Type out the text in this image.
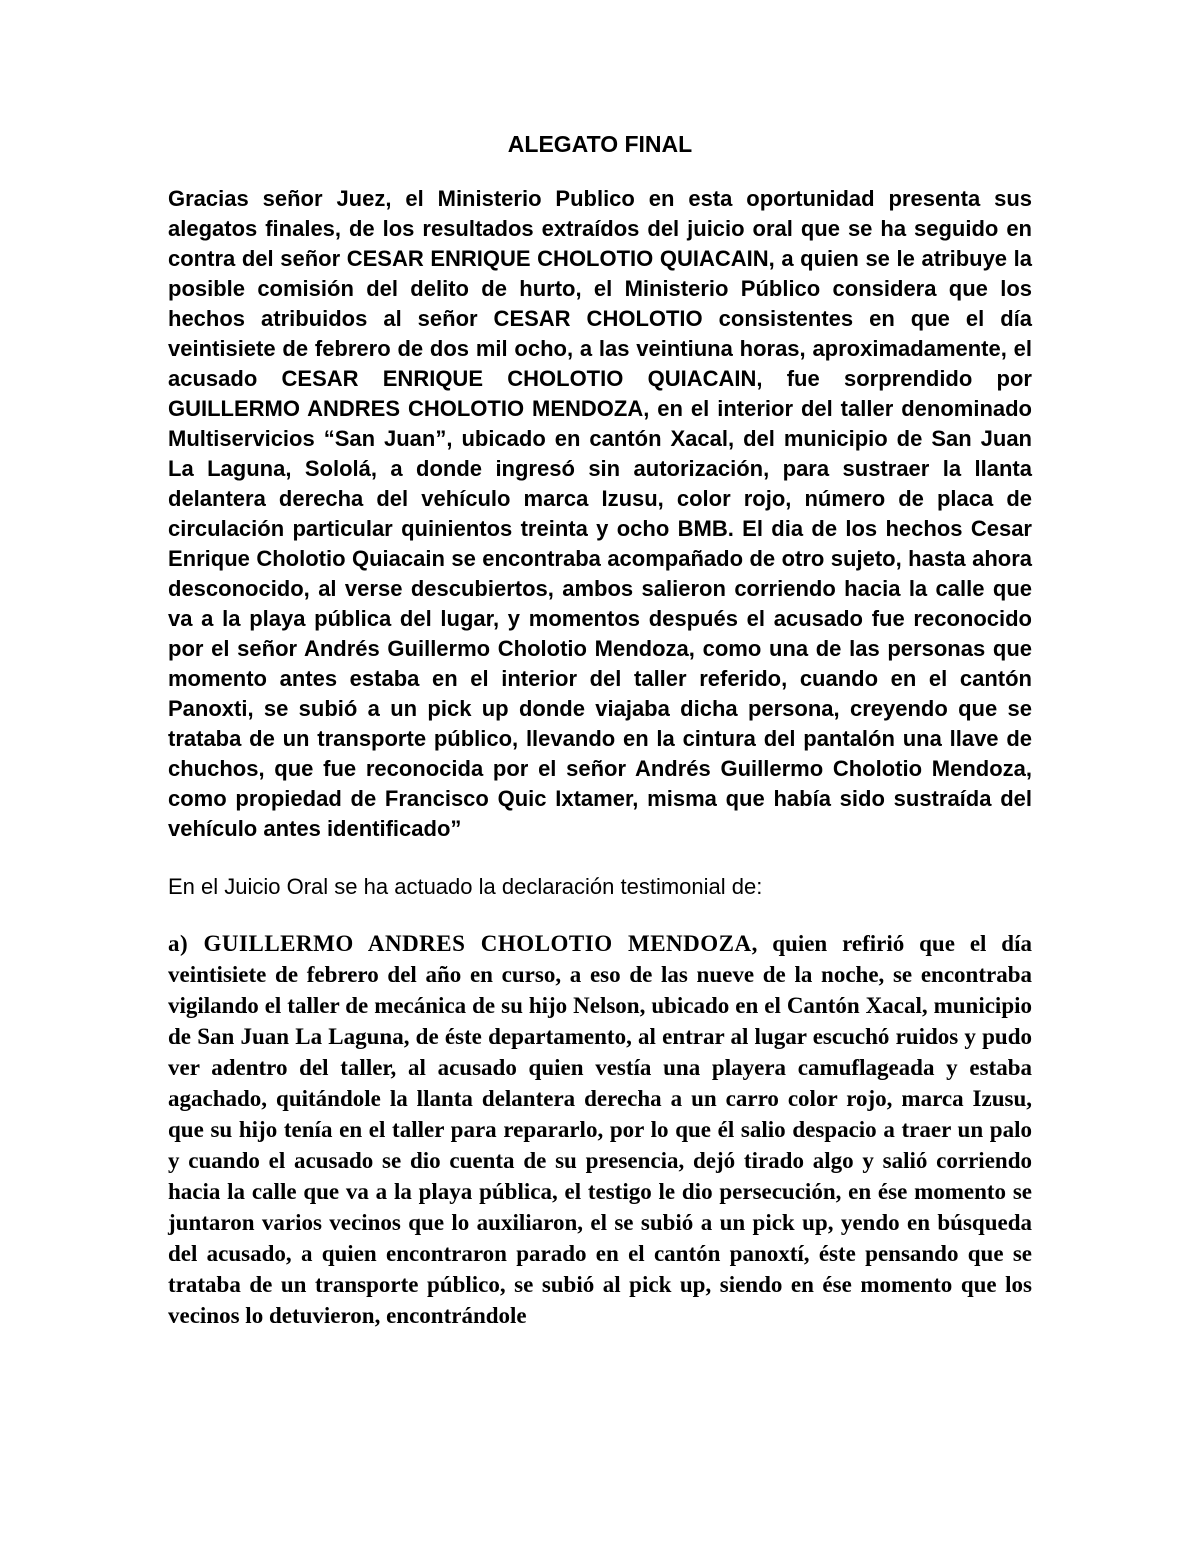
ALEGATO FINAL

Gracias señor Juez, el Ministerio Publico en esta oportunidad presenta sus alegatos finales, de los resultados extraídos del juicio oral que se ha seguido en contra del señor CESAR ENRIQUE CHOLOTIO QUIACAIN, a quien se le atribuye la posible comisión del delito de hurto, el Ministerio Público considera que los hechos atribuidos al señor CESAR CHOLOTIO consistentes en que el día veintisiete de febrero de dos mil ocho, a las veintiuna horas, aproximadamente, el acusado CESAR ENRIQUE CHOLOTIO QUIACAIN, fue sorprendido por GUILLERMO ANDRES CHOLOTIO MENDOZA, en el interior del taller denominado Multiservicios “San Juan”, ubicado en cantón Xacal, del municipio de San Juan La Laguna, Sololá, a donde ingresó sin autorización, para sustraer la llanta delantera derecha del vehículo marca Izusu, color rojo, número de placa de circulación particular quinientos treinta y ocho BMB. El dia de los hechos Cesar Enrique Cholotio Quiacain se encontraba acompañado de otro sujeto, hasta ahora desconocido, al verse descubiertos, ambos salieron corriendo hacia la calle que va a la playa pública del lugar, y momentos después el acusado fue reconocido por el señor Andrés Guillermo Cholotio Mendoza, como una de las personas que momento antes estaba en el interior del taller referido, cuando en el cantón Panoxti, se subió a un pick up donde viajaba dicha persona, creyendo que se trataba de un transporte público, llevando en la cintura del pantalón una llave de chuchos, que fue reconocida por el señor Andrés Guillermo Cholotio Mendoza, como propiedad de Francisco Quic Ixtamer, misma que había sido sustraída del vehículo antes identificado”

En el Juicio Oral se ha actuado la declaración testimonial de:

a) GUILLERMO ANDRES CHOLOTIO MENDOZA, quien refirió que el día veintisiete de febrero del año en curso, a eso de las nueve de la noche, se encontraba vigilando el taller de mecánica de su hijo Nelson, ubicado en el Cantón Xacal, municipio de San Juan La Laguna, de éste departamento, al entrar al lugar escuchó ruidos y pudo ver adentro del taller, al acusado quien vestía una playera camuflageada y estaba agachado, quitándole la llanta delantera derecha a un carro color rojo, marca Izusu, que su hijo tenía en el taller para repararlo, por lo que él salio despacio a traer un palo y cuando el acusado se dio cuenta de su presencia, dejó tirado algo y salió corriendo hacia la calle que va a la playa pública, el testigo le dio persecución, en ése momento se juntaron varios vecinos que lo auxiliaron, el se subió a un pick up, yendo en búsqueda del acusado, a quien encontraron parado en el cantón panoxtí, éste pensando que se trataba de un transporte público, se subió al pick up, siendo en ése momento que los vecinos lo detuvieron, encontrándole
